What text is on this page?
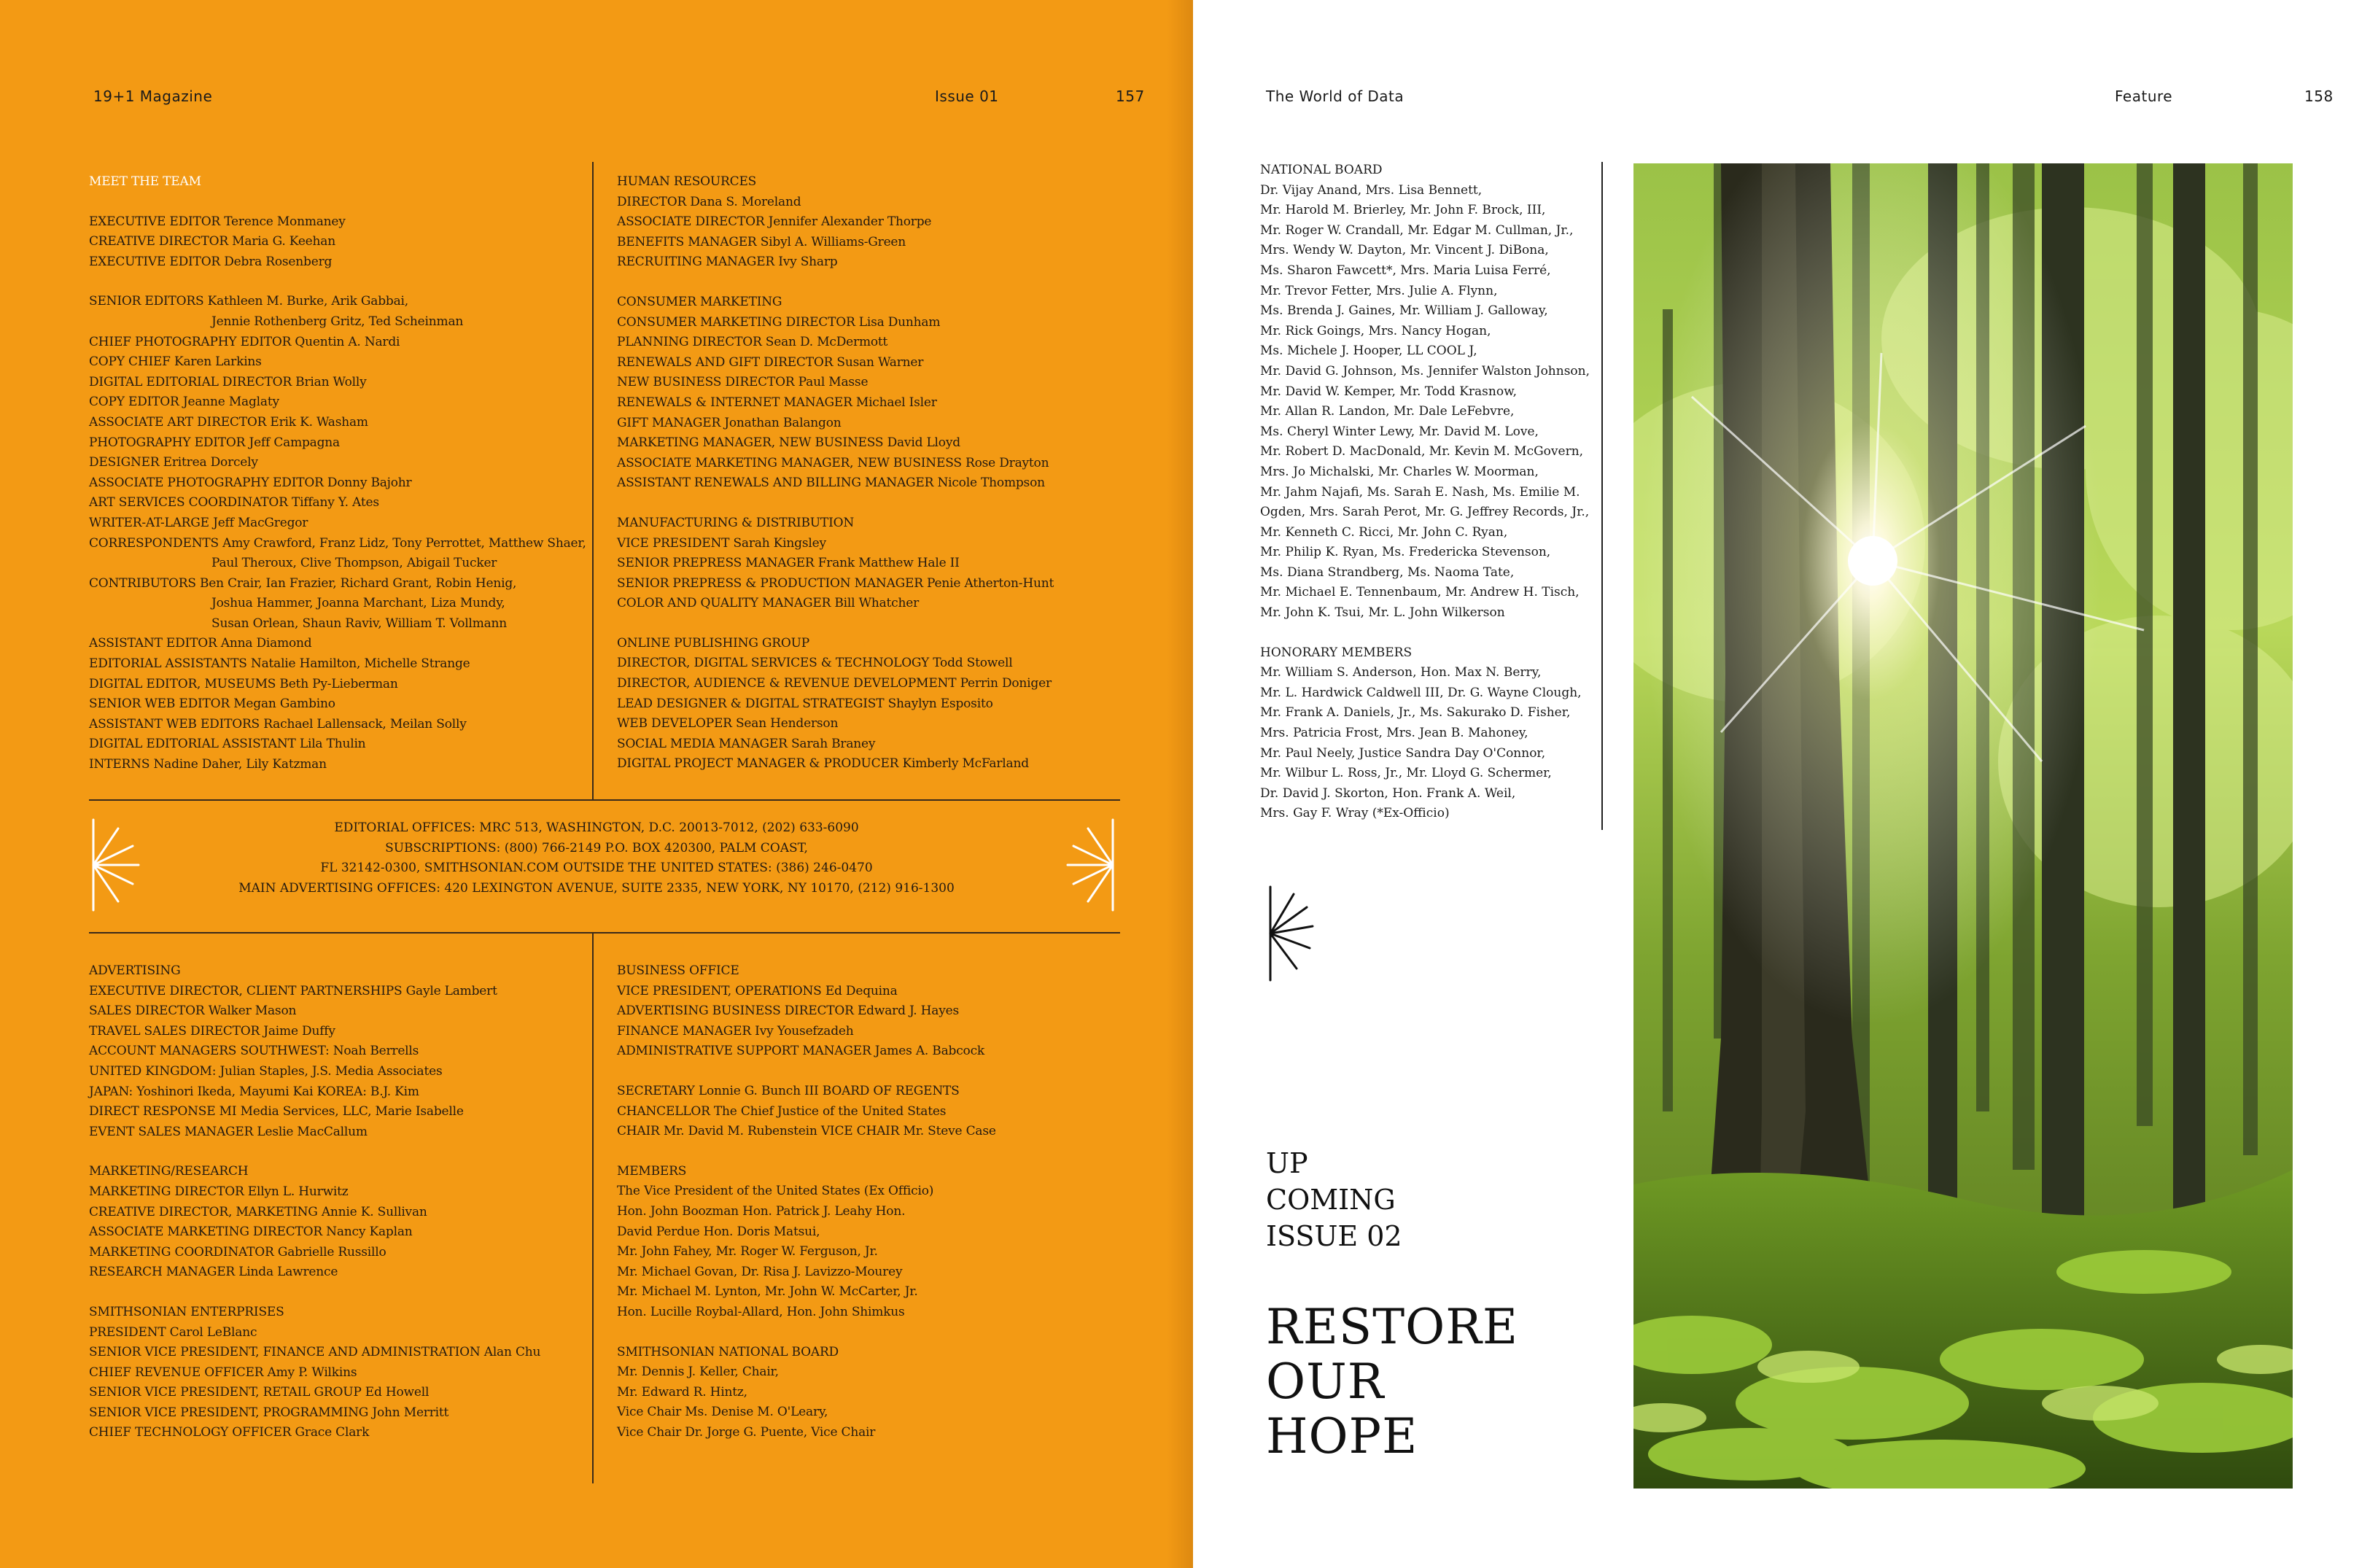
19+1 Magazine	Issue 01	157
MEET THE TEAM
EXECUTIVE EDITOR Terence Monmaney
CREATIVE DIRECTOR Maria G. Keehan
EXECUTIVE EDITOR Debra Rosenberg
SENIOR EDITORS Kathleen M. Burke, Arik Gabbai,
Jennie Rothenberg Gritz, Ted Scheinman
CHIEF PHOTOGRAPHY EDITOR Quentin A. Nardi
COPY CHIEF Karen Larkins
DIGITAL EDITORIAL DIRECTOR Brian Wolly
COPY EDITOR Jeanne Maglaty
ASSOCIATE ART DIRECTOR Erik K. Washam
PHOTOGRAPHY EDITOR Jeff Campagna
DESIGNER Eritrea Dorcely
ASSOCIATE PHOTOGRAPHY EDITOR Donny Bajohr
ART SERVICES COORDINATOR Tiffany Y. Ates
WRITER-AT-LARGE Jeff MacGregor
CORRESPONDENTS Amy Crawford, Franz Lidz, Tony Perrottet, Matthew Shaer,
Paul Theroux, Clive Thompson, Abigail Tucker
CONTRIBUTORS Ben Crair, Ian Frazier, Richard Grant, Robin Henig,
Joshua Hammer, Joanna Marchant, Liza Mundy,
Susan Orlean, Shaun Raviv, William T. Vollmann
ASSISTANT EDITOR Anna Diamond
EDITORIAL ASSISTANTS Natalie Hamilton, Michelle Strange
DIGITAL EDITOR, MUSEUMS Beth Py-Lieberman
SENIOR WEB EDITOR Megan Gambino
ASSISTANT WEB EDITORS Rachael Lallensack, Meilan Solly
DIGITAL EDITORIAL ASSISTANT Lila Thulin
INTERNS Nadine Daher, Lily Katzman
HUMAN RESOURCES
DIRECTOR Dana S. Moreland
ASSOCIATE DIRECTOR Jennifer Alexander Thorpe
BENEFITS MANAGER Sibyl A. Williams-Green
RECRUITING MANAGER Ivy Sharp
CONSUMER MARKETING
CONSUMER MARKETING DIRECTOR Lisa Dunham
PLANNING DIRECTOR Sean D. McDermott
RENEWALS AND GIFT DIRECTOR Susan Warner
NEW BUSINESS DIRECTOR Paul Masse
RENEWALS & INTERNET MANAGER Michael Isler
GIFT MANAGER Jonathan Balangon
MARKETING MANAGER, NEW BUSINESS David Lloyd
ASSOCIATE MARKETING MANAGER, NEW BUSINESS Rose Drayton
ASSISTANT RENEWALS AND BILLING MANAGER Nicole Thompson
MANUFACTURING & DISTRIBUTION
VICE PRESIDENT Sarah Kingsley
SENIOR PREPRESS MANAGER Frank Matthew Hale II
SENIOR PREPRESS & PRODUCTION MANAGER Penie Atherton-Hunt
COLOR AND QUALITY MANAGER Bill Whatcher
ONLINE PUBLISHING GROUP
DIRECTOR, DIGITAL SERVICES & TECHNOLOGY Todd Stowell
DIRECTOR, AUDIENCE & REVENUE DEVELOPMENT Perrin Doniger
LEAD DESIGNER & DIGITAL STRATEGIST Shaylyn Esposito
WEB DEVELOPER Sean Henderson
SOCIAL MEDIA MANAGER Sarah Braney
DIGITAL PROJECT MANAGER & PRODUCER Kimberly McFarland
EDITORIAL OFFICES: MRC 513, WASHINGTON, D.C. 20013-7012, (202) 633-6090
SUBSCRIPTIONS: (800) 766-2149 P.O. BOX 420300, PALM COAST,
FL 32142-0300, SMITHSONIAN.COM OUTSIDE THE UNITED STATES: (386) 246-0470
MAIN ADVERTISING OFFICES: 420 LEXINGTON AVENUE, SUITE 2335, NEW YORK, NY 10170, (212) 916-1300
ADVERTISING
EXECUTIVE DIRECTOR, CLIENT PARTNERSHIPS Gayle Lambert
SALES DIRECTOR Walker Mason
TRAVEL SALES DIRECTOR Jaime Duffy
ACCOUNT MANAGERS SOUTHWEST: Noah Berrells
UNITED KINGDOM: Julian Staples, J.S. Media Associates
JAPAN: Yoshinori Ikeda, Mayumi Kai KOREA: B.J. Kim
DIRECT RESPONSE MI Media Services, LLC, Marie Isabelle
EVENT SALES MANAGER Leslie MacCallum
MARKETING/RESEARCH
MARKETING DIRECTOR Ellyn L. Hurwitz
CREATIVE DIRECTOR, MARKETING Annie K. Sullivan
ASSOCIATE MARKETING DIRECTOR Nancy Kaplan
MARKETING COORDINATOR Gabrielle Russillo
RESEARCH MANAGER Linda Lawrence
SMITHSONIAN ENTERPRISES
PRESIDENT Carol LeBlanc
SENIOR VICE PRESIDENT, FINANCE AND ADMINISTRATION Alan Chu
CHIEF REVENUE OFFICER Amy P. Wilkins
SENIOR VICE PRESIDENT, RETAIL GROUP Ed Howell
SENIOR VICE PRESIDENT, PROGRAMMING John Merritt
CHIEF TECHNOLOGY OFFICER Grace Clark
BUSINESS OFFICE
VICE PRESIDENT, OPERATIONS Ed Dequina
ADVERTISING BUSINESS DIRECTOR Edward J. Hayes
FINANCE MANAGER Ivy Yousefzadeh
ADMINISTRATIVE SUPPORT MANAGER James A. Babcock
SECRETARY Lonnie G. Bunch III BOARD OF REGENTS
CHANCELLOR The Chief Justice of the United States
CHAIR Mr. David M. Rubenstein VICE CHAIR Mr. Steve Case
MEMBERS
The Vice President of the United States (Ex Officio)
Hon. John Boozman Hon. Patrick J. Leahy Hon.
David Perdue Hon. Doris Matsui,
Mr. John Fahey, Mr. Roger W. Ferguson, Jr.
Mr. Michael Govan, Dr. Risa J. Lavizzo-Mourey
Mr. Michael M. Lynton, Mr. John W. McCarter, Jr.
Hon. Lucille Roybal-Allard, Hon. John Shimkus
SMITHSONIAN NATIONAL BOARD
Mr. Dennis J. Keller, Chair,
Mr. Edward R. Hintz,
Vice Chair Ms. Denise M. O'Leary,
Vice Chair Dr. Jorge G. Puente, Vice Chair
The World of Data	Feature	158
NATIONAL BOARD
Dr. Vijay Anand, Mrs. Lisa Bennett,
Mr. Harold M. Brierley, Mr. John F. Brock, III,
Mr. Roger W. Crandall, Mr. Edgar M. Cullman, Jr.,
Mrs. Wendy W. Dayton, Mr. Vincent J. DiBona,
Ms. Sharon Fawcett*, Mrs. Maria Luisa Ferré,
Mr. Trevor Fetter, Mrs. Julie A. Flynn,
Ms. Brenda J. Gaines, Mr. William J. Galloway,
Mr. Rick Goings, Mrs. Nancy Hogan,
Ms. Michele J. Hooper, LL COOL J,
Mr. David G. Johnson, Ms. Jennifer Walston Johnson,
Mr. David W. Kemper, Mr. Todd Krasnow,
Mr. Allan R. Landon, Mr. Dale LeFebvre,
Ms. Cheryl Winter Lewy, Mr. David M. Love,
Mr. Robert D. MacDonald, Mr. Kevin M. McGovern,
Mrs. Jo Michalski, Mr. Charles W. Moorman,
Mr. Jahm Najafi, Ms. Sarah E. Nash, Ms. Emilie M.
Ogden, Mrs. Sarah Perot, Mr. G. Jeffrey Records, Jr.,
Mr. Kenneth C. Ricci, Mr. John C. Ryan,
Mr. Philip K. Ryan, Ms. Fredericka Stevenson,
Ms. Diana Strandberg, Ms. Naoma Tate,
Mr. Michael E. Tennenbaum, Mr. Andrew H. Tisch,
Mr. John K. Tsui, Mr. L. John Wilkerson
HONORARY MEMBERS
Mr. William S. Anderson, Hon. Max N. Berry,
Mr. L. Hardwick Caldwell III, Dr. G. Wayne Clough,
Mr. Frank A. Daniels, Jr., Ms. Sakurako D. Fisher,
Mrs. Patricia Frost, Mrs. Jean B. Mahoney,
Mr. Paul Neely, Justice Sandra Day O'Connor,
Mr. Wilbur L. Ross, Jr., Mr. Lloyd G. Schermer,
Dr. David J. Skorton, Hon. Frank A. Weil,
Mrs. Gay F. Wray (*Ex-Officio)
UP
COMING
ISSUE 02
RESTORE
OUR
HOPE
